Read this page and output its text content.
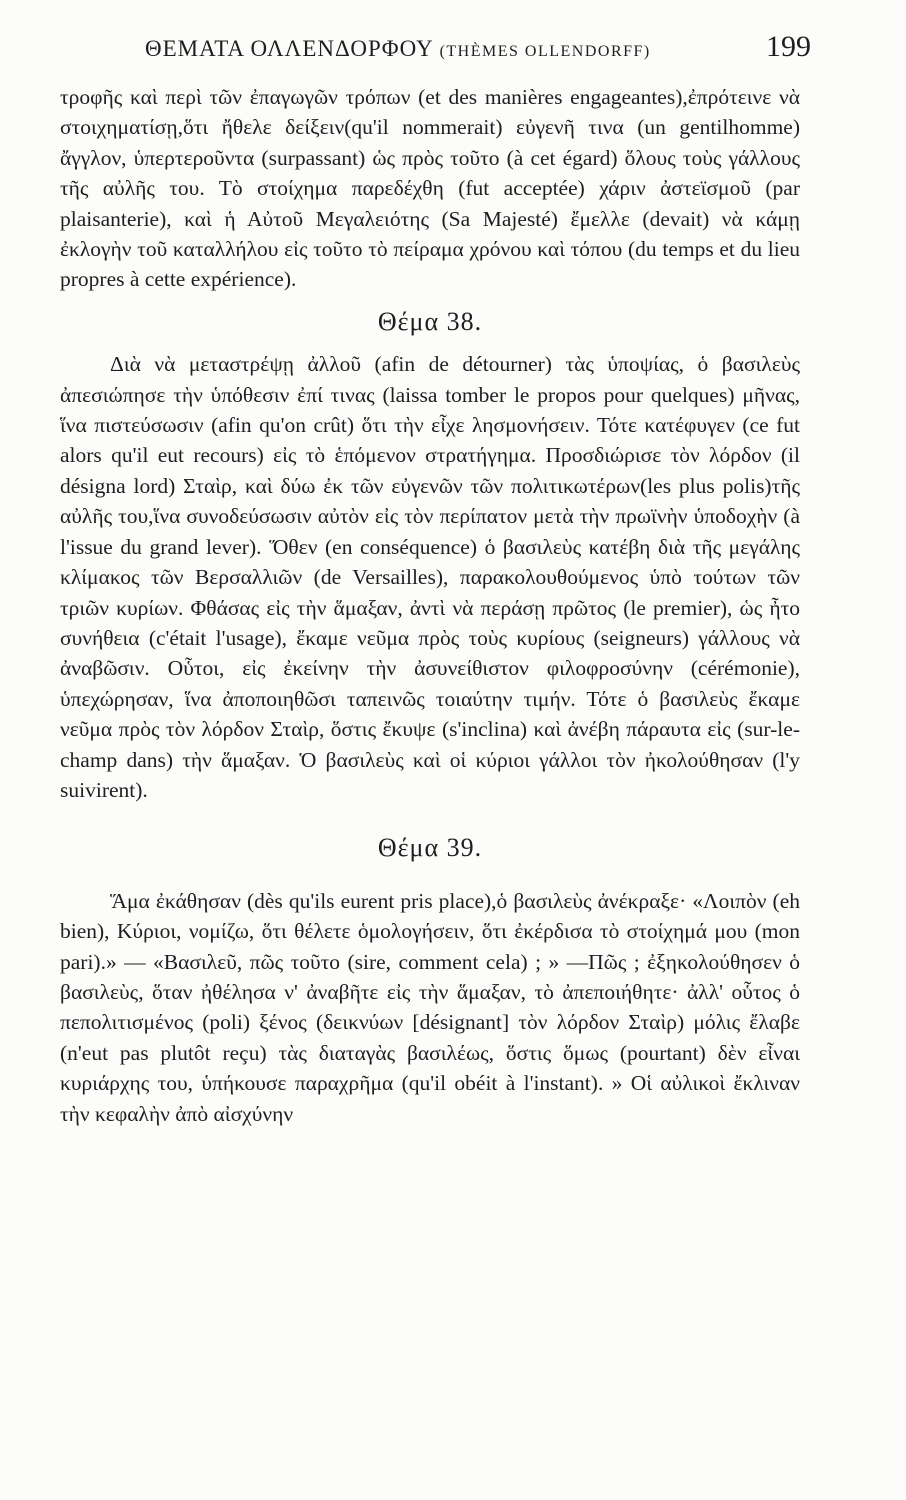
ΘΕΜΑΤΑ ΟΛΛΕΝΔΟΡΦΟΥ (THÈMES OLLENDORFF)	199

τροφῆς καὶ περὶ τῶν ἐπαγωγῶν τρόπων (et des manières engageantes),ἐπρότεινε νὰ στοιχηματίσῃ,ὅτι ἤθελε δείξειν(qu'il nommerait) εὐγενῆ τινα (un gentilhomme) ἄγγλον, ὑπερτεροῦντα (surpassant) ὡς πρὸς τοῦτο (à cet égard) ὅλους τοὺς γάλλους τῆς αὐλῆς του. Τὸ στοίχημα παρεδέχθη (fut acceptée) χάριν ἀστεϊσμοῦ (par plaisanterie), καὶ ἡ Αὐτοῦ Μεγαλειότης (Sa Majesté) ἔμελλε (devait) νὰ κάμῃ ἐκλογὴν τοῦ καταλλήλου εἰς τοῦτο τὸ πείραμα χρόνου καὶ τόπου (du temps et du lieu propres à cette expérience).

Θέμα 38.

Διὰ νὰ μεταστρέψῃ ἀλλοῦ (afin de détourner) τὰς ὑποψίας, ὁ βασιλεὺς ἀπεσιώπησε τὴν ὑπόθεσιν ἐπί τινας (laissa tomber le propos pour quelques) μῆνας, ἵνα πιστεύσωσιν (afin qu'on crût) ὅτι τὴν εἶχε λησμονήσειν. Τότε κατέφυγεν (ce fut alors qu'il eut recours) εἰς τὸ ἑπόμενον στρατήγημα. Προσδιώρισε τὸν λόρδον (il désigna lord) Σταὶρ, καὶ δύω ἐκ τῶν εὐγενῶν τῶν πολιτικωτέρων(les plus polis)τῆς αὐλῆς του,ἵνα συνοδεύσωσιν αὐτὸν εἰς τὸν περίπατον μετὰ τὴν πρωϊνὴν ὑποδοχὴν (à l'issue du grand lever). Ὅθεν (en conséquence) ὁ βασιλεὺς κατέβη διὰ τῆς μεγάλης κλίμακος τῶν Βερσαλλιῶν (de Versailles), παρακολουθούμενος ὑπὸ τούτων τῶν τριῶν κυρίων. Φθάσας εἰς τὴν ἅμαξαν, ἀντὶ νὰ περάσῃ πρῶτος (le premier), ὡς ἦτο συνήθεια (c'était l'usage), ἔκαμε νεῦμα πρὸς τοὺς κυρίους (seigneurs) γάλλους νὰ ἀναβῶσιν. Οὗτοι, εἰς ἐκείνην τὴν ἀσυνείθιστον φιλοφροσύνην (cérémonie), ὑπεχώρησαν, ἵνα ἀποποιηθῶσι ταπεινῶς τοιαύτην τιμήν. Τότε ὁ βασιλεὺς ἔκαμε νεῦμα πρὸς τὸν λόρδον Σταὶρ, ὅστις ἔκυψε (s'inclina) καὶ ἀνέβη πάραυτα εἰς (sur-le-champ dans) τὴν ἅμαξαν. Ὁ βασιλεὺς καὶ οἱ κύριοι γάλλοι τὸν ἠκολούθησαν (l'y suivirent).

Θέμα 39.

Ἅμα ἐκάθησαν (dès qu'ils eurent pris place),ὁ βασιλεὺς ἀνέκραξε· «Λοιπὸν (eh bien), Κύριοι, νομίζω, ὅτι θέλετε ὁμολογήσειν, ὅτι ἐκέρδισα τὸ στοίχημά μου (mon pari).» — «Βασιλεῦ, πῶς τοῦτο (sire, comment cela) ; » —Πῶς ; ἐξηκολούθησεν ὁ βασιλεὺς, ὅταν ἠθέλησα ν' ἀναβῆτε εἰς τὴν ἅμαξαν, τὸ ἀπεποιήθητε· ἀλλ' οὗτος ὁ πεπολιτισμένος (poli) ξένος (δεικνύων [désignant] τὸν λόρδον Σταὶρ) μόλις ἔλαβε (n'eut pas plutôt reçu) τὰς διαταγὰς βασιλέως, ὅστις ὅμως (pourtant) δὲν εἶναι κυριάρχης του, ὑπήκουσε παραχρῆμα (qu'il obéit à l'instant). » Οἱ αὐλικοὶ ἔκλιναν τὴν κεφαλὴν ἀπὸ αἰσχύνην
